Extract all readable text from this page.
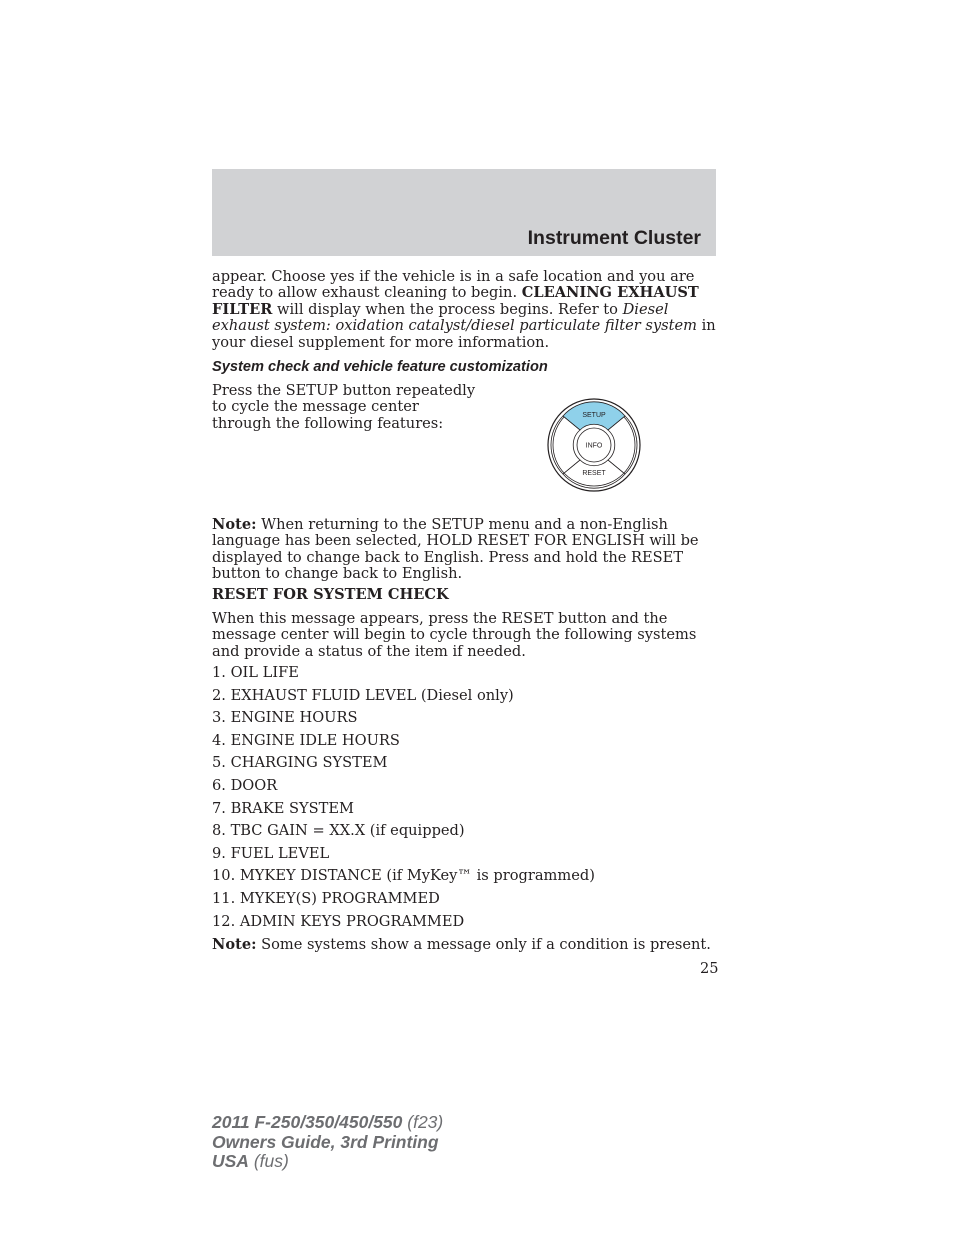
Instrument Cluster
appear. Choose yes if the vehicle is in a safe location and you are ready to allow exhaust cleaning to begin. CLEANING EXHAUST FILTER will display when the process begins. Refer to Diesel exhaust system: oxidation catalyst/diesel particulate filter system in your diesel supplement for more information.
System check and vehicle feature customization
Press the SETUP button repeatedly to cycle the message center through the following features:	SETUP
INFO
RESET
Note: When returning to the SETUP menu and a non-English language has been selected, HOLD RESET FOR ENGLISH will be displayed to change back to English. Press and hold the RESET button to change back to English.
RESET FOR SYSTEM CHECK
When this message appears, press the RESET button and the message center will begin to cycle through the following systems and provide a status of the item if needed.
1. OIL LIFE
2. EXHAUST FLUID LEVEL (Diesel only)
3. ENGINE HOURS
4. ENGINE IDLE HOURS
5. CHARGING SYSTEM
6. DOOR
7. BRAKE SYSTEM
8. TBC GAIN = XX.X (if equipped)
9. FUEL LEVEL
10. MYKEY DISTANCE (if MyKey™ is programmed)
11. MYKEY(S) PROGRAMMED
12. ADMIN KEYS PROGRAMMED
Note: Some systems show a message only if a condition is present.
25
2011 F-250/350/450/550 (f23)
Owners Guide, 3rd Printing
USA (fus)
